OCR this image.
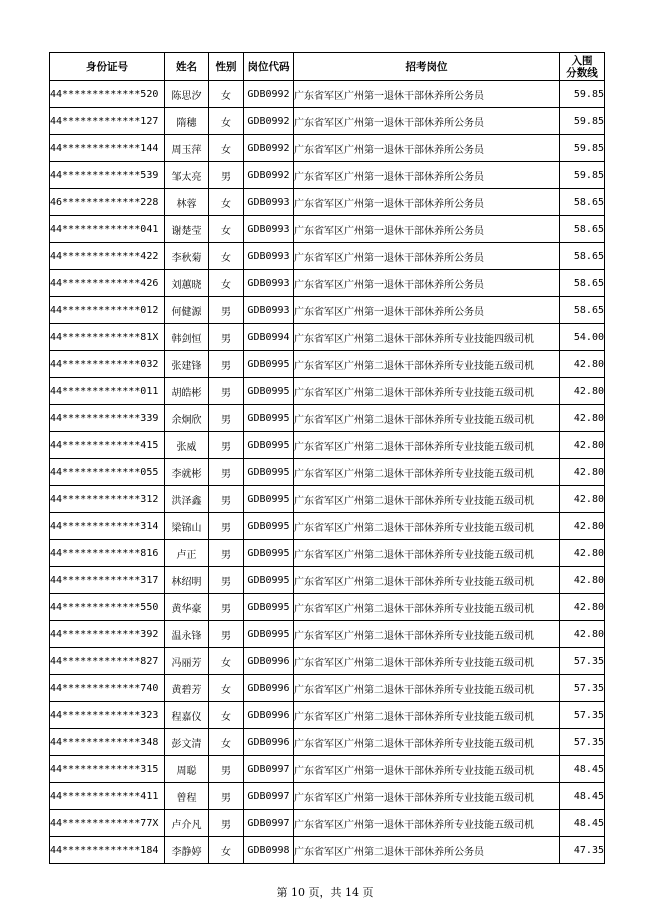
身份证号	姓名	性别	岗位代码	招考岗位	入围
分数线
44*************520	陈思汐	女	GDB0992	广东省军区广州第一退休干部休养所公务员	59.85
44*************127	隋穗	女	GDB0992	广东省军区广州第一退休干部休养所公务员	59.85
44*************144	周玉萍	女	GDB0992	广东省军区广州第一退休干部休养所公务员	59.85
44*************539	邹太亮	男	GDB0992	广东省军区广州第一退休干部休养所公务员	59.85
46*************228	林蓉	女	GDB0993	广东省军区广州第一退休干部休养所公务员	58.65
44*************041	谢楚莹	女	GDB0993	广东省军区广州第一退休干部休养所公务员	58.65
44*************422	李秋菊	女	GDB0993	广东省军区广州第一退休干部休养所公务员	58.65
44*************426	刘蕙晓	女	GDB0993	广东省军区广州第一退休干部休养所公务员	58.65
44*************012	何健源	男	GDB0993	广东省军区广州第一退休干部休养所公务员	58.65
44*************81X	韩剑恒	男	GDB0994	广东省军区广州第二退休干部休养所专业技能四级司机	54.00
44*************032	张建锋	男	GDB0995	广东省军区广州第二退休干部休养所专业技能五级司机	42.80
44*************011	胡皓彬	男	GDB0995	广东省军区广州第二退休干部休养所专业技能五级司机	42.80
44*************339	余炯欣	男	GDB0995	广东省军区广州第二退休干部休养所专业技能五级司机	42.80
44*************415	张威	男	GDB0995	广东省军区广州第二退休干部休养所专业技能五级司机	42.80
44*************055	李就彬	男	GDB0995	广东省军区广州第二退休干部休养所专业技能五级司机	42.80
44*************312	洪泽鑫	男	GDB0995	广东省军区广州第二退休干部休养所专业技能五级司机	42.80
44*************314	梁锦山	男	GDB0995	广东省军区广州第二退休干部休养所专业技能五级司机	42.80
44*************816	卢正	男	GDB0995	广东省军区广州第二退休干部休养所专业技能五级司机	42.80
44*************317	林绍明	男	GDB0995	广东省军区广州第二退休干部休养所专业技能五级司机	42.80
44*************550	黄华豪	男	GDB0995	广东省军区广州第二退休干部休养所专业技能五级司机	42.80
44*************392	温永锋	男	GDB0995	广东省军区广州第二退休干部休养所专业技能五级司机	42.80
44*************827	冯丽芳	女	GDB0996	广东省军区广州第二退休干部休养所专业技能五级司机	57.35
44*************740	黄碧芳	女	GDB0996	广东省军区广州第二退休干部休养所专业技能五级司机	57.35
44*************323	程嘉仪	女	GDB0996	广东省军区广州第二退休干部休养所专业技能五级司机	57.35
44*************348	彭文清	女	GDB0996	广东省军区广州第二退休干部休养所专业技能五级司机	57.35
44*************315	周聪	男	GDB0997	广东省军区广州第一退休干部休养所专业技能五级司机	48.45
44*************411	曾程	男	GDB0997	广东省军区广州第一退休干部休养所专业技能五级司机	48.45
44*************77X	卢介凡	男	GDB0997	广东省军区广州第一退休干部休养所专业技能五级司机	48.45
44*************184	李静婷	女	GDB0998	广东省军区广州第二退休干部休养所公务员	47.35
第 10 页，共 14 页
